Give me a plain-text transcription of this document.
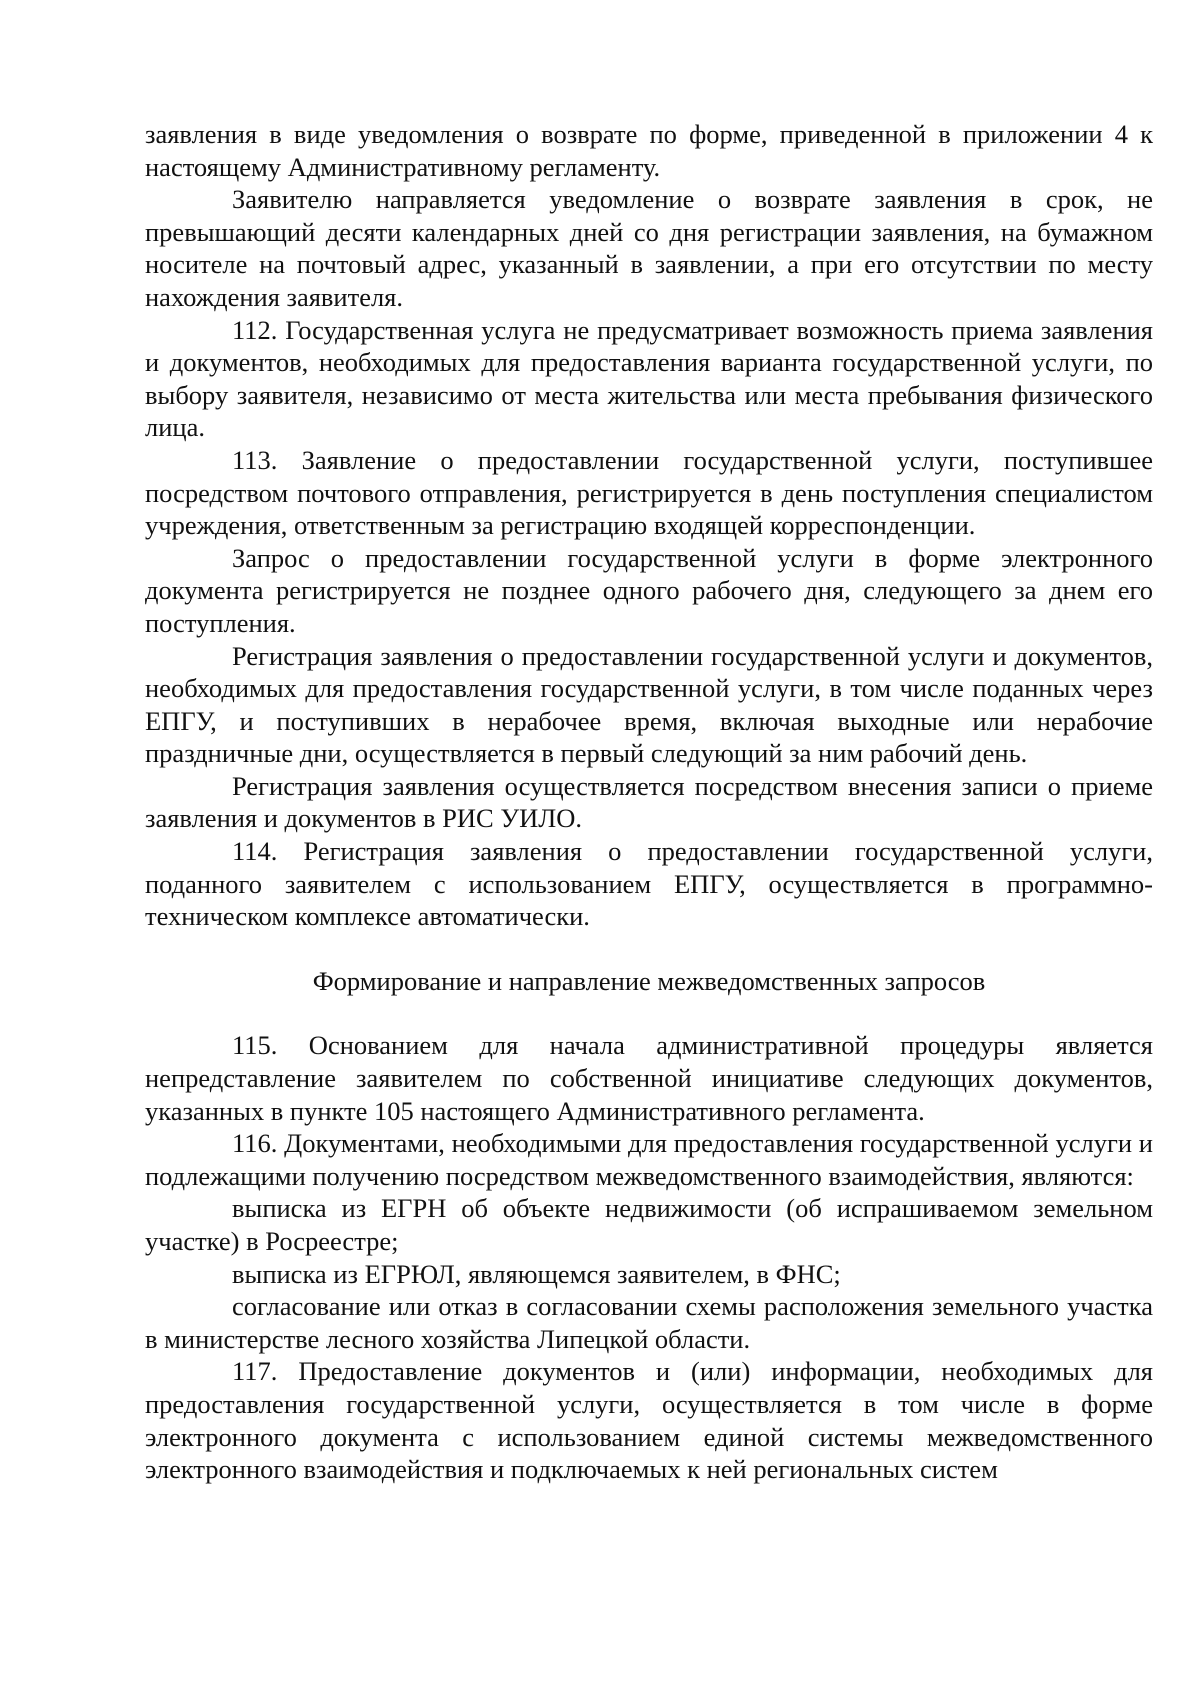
заявления в виде уведомления о возврате по форме, приведенной в приложении 4 к настоящему Административному регламенту.

Заявителю направляется уведомление о возврате заявления в срок, не превышающий десяти календарных дней со дня регистрации заявления, на бумажном носителе на почтовый адрес, указанный в заявлении, а при его отсутствии по месту нахождения заявителя.

112. Государственная услуга не предусматривает возможность приема заявления и документов, необходимых для предоставления варианта государственной услуги, по выбору заявителя, независимо от места жительства или места пребывания физического лица.

113. Заявление о предоставлении государственной услуги, поступившее посредством почтового отправления, регистрируется в день поступления специалистом учреждения, ответственным за регистрацию входящей корреспонденции.

Запрос о предоставлении государственной услуги в форме электронного документа регистрируется не позднее одного рабочего дня, следующего за днем его поступления.

Регистрация заявления о предоставлении государственной услуги и документов, необходимых для предоставления государственной услуги, в том числе поданных через ЕПГУ, и поступивших в нерабочее время, включая выходные или нерабочие праздничные дни, осуществляется в первый следующий за ним рабочий день.

Регистрация заявления осуществляется посредством внесения записи о приеме заявления и документов в РИС УИЛО.

114. Регистрация заявления о предоставлении государственной услуги, поданного заявителем с использованием ЕПГУ, осуществляется в программно-техническом комплексе автоматически.

Формирование и направление межведомственных запросов

115. Основанием для начала административной процедуры является непредставление заявителем по собственной инициативе следующих документов, указанных в пункте 105 настоящего Административного регламента.

116. Документами, необходимыми для предоставления государственной услуги и подлежащими получению посредством межведомственного взаимодействия, являются:

выписка из ЕГРН об объекте недвижимости (об испрашиваемом земельном участке) в Росреестре;

выписка из ЕГРЮЛ, являющемся заявителем, в ФНС;

согласование или отказ в согласовании схемы расположения земельного участка в министерстве лесного хозяйства Липецкой области.

117. Предоставление документов и (или) информации, необходимых для предоставления государственной услуги, осуществляется в том числе в форме электронного документа с использованием единой системы межведомственного электронного взаимодействия и подключаемых к ней региональных систем
